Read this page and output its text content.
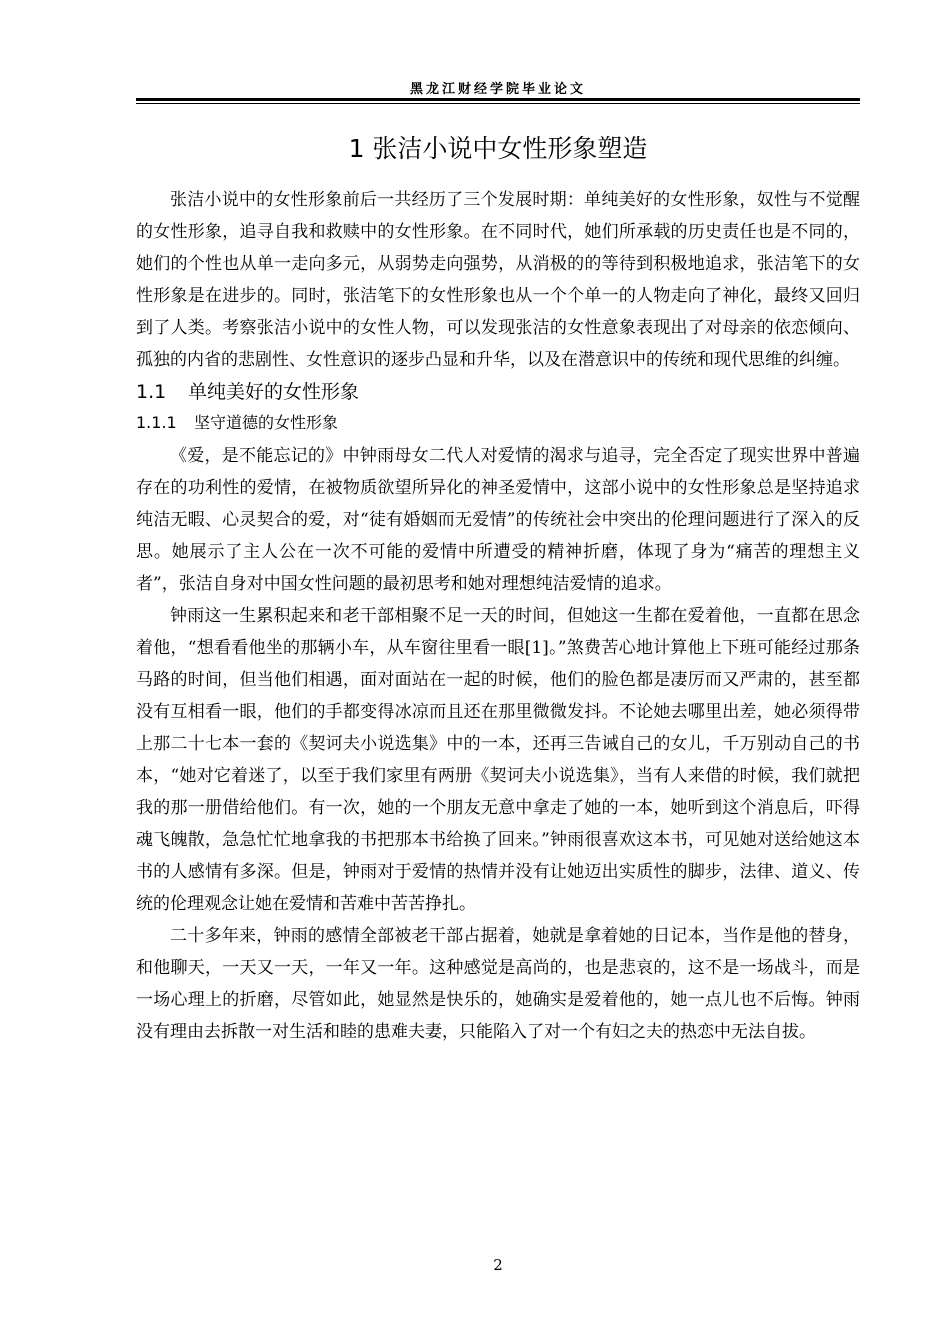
黑龙江财经学院毕业论文
1 张洁小说中女性形象塑造

张洁小说中的女性形象前后一共经历了三个发展时期：单纯美好的女性形象，奴性与不觉醒的女性形象，追寻自我和救赎中的女性形象。在不同时代，她们所承载的历史责任也是不同的，她们的个性也从单一走向多元，从弱势走向强势，从消极的的等待到积极地追求，张洁笔下的女性形象是在进步的。同时，张洁笔下的女性形象也从一个个单一的人物走向了神化，最终又回归到了人类。考察张洁小说中的女性人物，可以发现张洁的女性意象表现出了对母亲的依恋倾向、孤独的内省的悲剧性、女性意识的逐步凸显和升华，以及在潜意识中的传统和现代思维的纠缠。

1.1 单纯美好的女性形象
1.1.1 坚守道德的女性形象

《爱，是不能忘记的》中钟雨母女二代人对爱情的渴求与追寻，完全否定了现实世界中普遍存在的功利性的爱情，在被物质欲望所异化的神圣爱情中，这部小说中的女性形象总是坚持追求纯洁无暇、心灵契合的爱，对“徒有婚姻而无爱情”的传统社会中突出的伦理问题进行了深入的反思。她展示了主人公在一次不可能的爱情中所遭受的精神折磨，体现了身为“痛苦的理想主义者”，张洁自身对中国女性问题的最初思考和她对理想纯洁爱情的追求。

钟雨这一生累积起来和老干部相聚不足一天的时间，但她这一生都在爱着他，一直都在思念着他，“想看看他坐的那辆小车，从车窗往里看一眼[1]。”煞费苦心地计算他上下班可能经过那条马路的时间，但当他们相遇，面对面站在一起的时候，他们的脸色都是凄厉而又严肃的，甚至都没有互相看一眼，他们的手都变得冰凉而且还在那里微微发抖。不论她去哪里出差，她必须得带上那二十七本一套的《契诃夫小说选集》中的一本，还再三告诫自己的女儿，千万别动自己的书本，“她对它着迷了，以至于我们家里有两册《契诃夫小说选集》，当有人来借的时候，我们就把我的那一册借给他们。有一次，她的一个朋友无意中拿走了她的一本，她听到这个消息后，吓得魂飞魄散，急急忙忙地拿我的书把那本书给换了回来。”钟雨很喜欢这本书，可见她对送给她这本书的人感情有多深。但是，钟雨对于爱情的热情并没有让她迈出实质性的脚步，法律、道义、传统的伦理观念让她在爱情和苦难中苦苦挣扎。

二十多年来，钟雨的感情全部被老干部占据着，她就是拿着她的日记本，当作是他的替身，和他聊天，一天又一天，一年又一年。这种感觉是高尚的，也是悲哀的，这不是一场战斗，而是一场心理上的折磨，尽管如此，她显然是快乐的，她确实是爱着他的，她一点儿也不后悔。钟雨没有理由去拆散一对生活和睦的患难夫妻，只能陷入了对一个有妇之夫的热恋中无法自拔。

2
